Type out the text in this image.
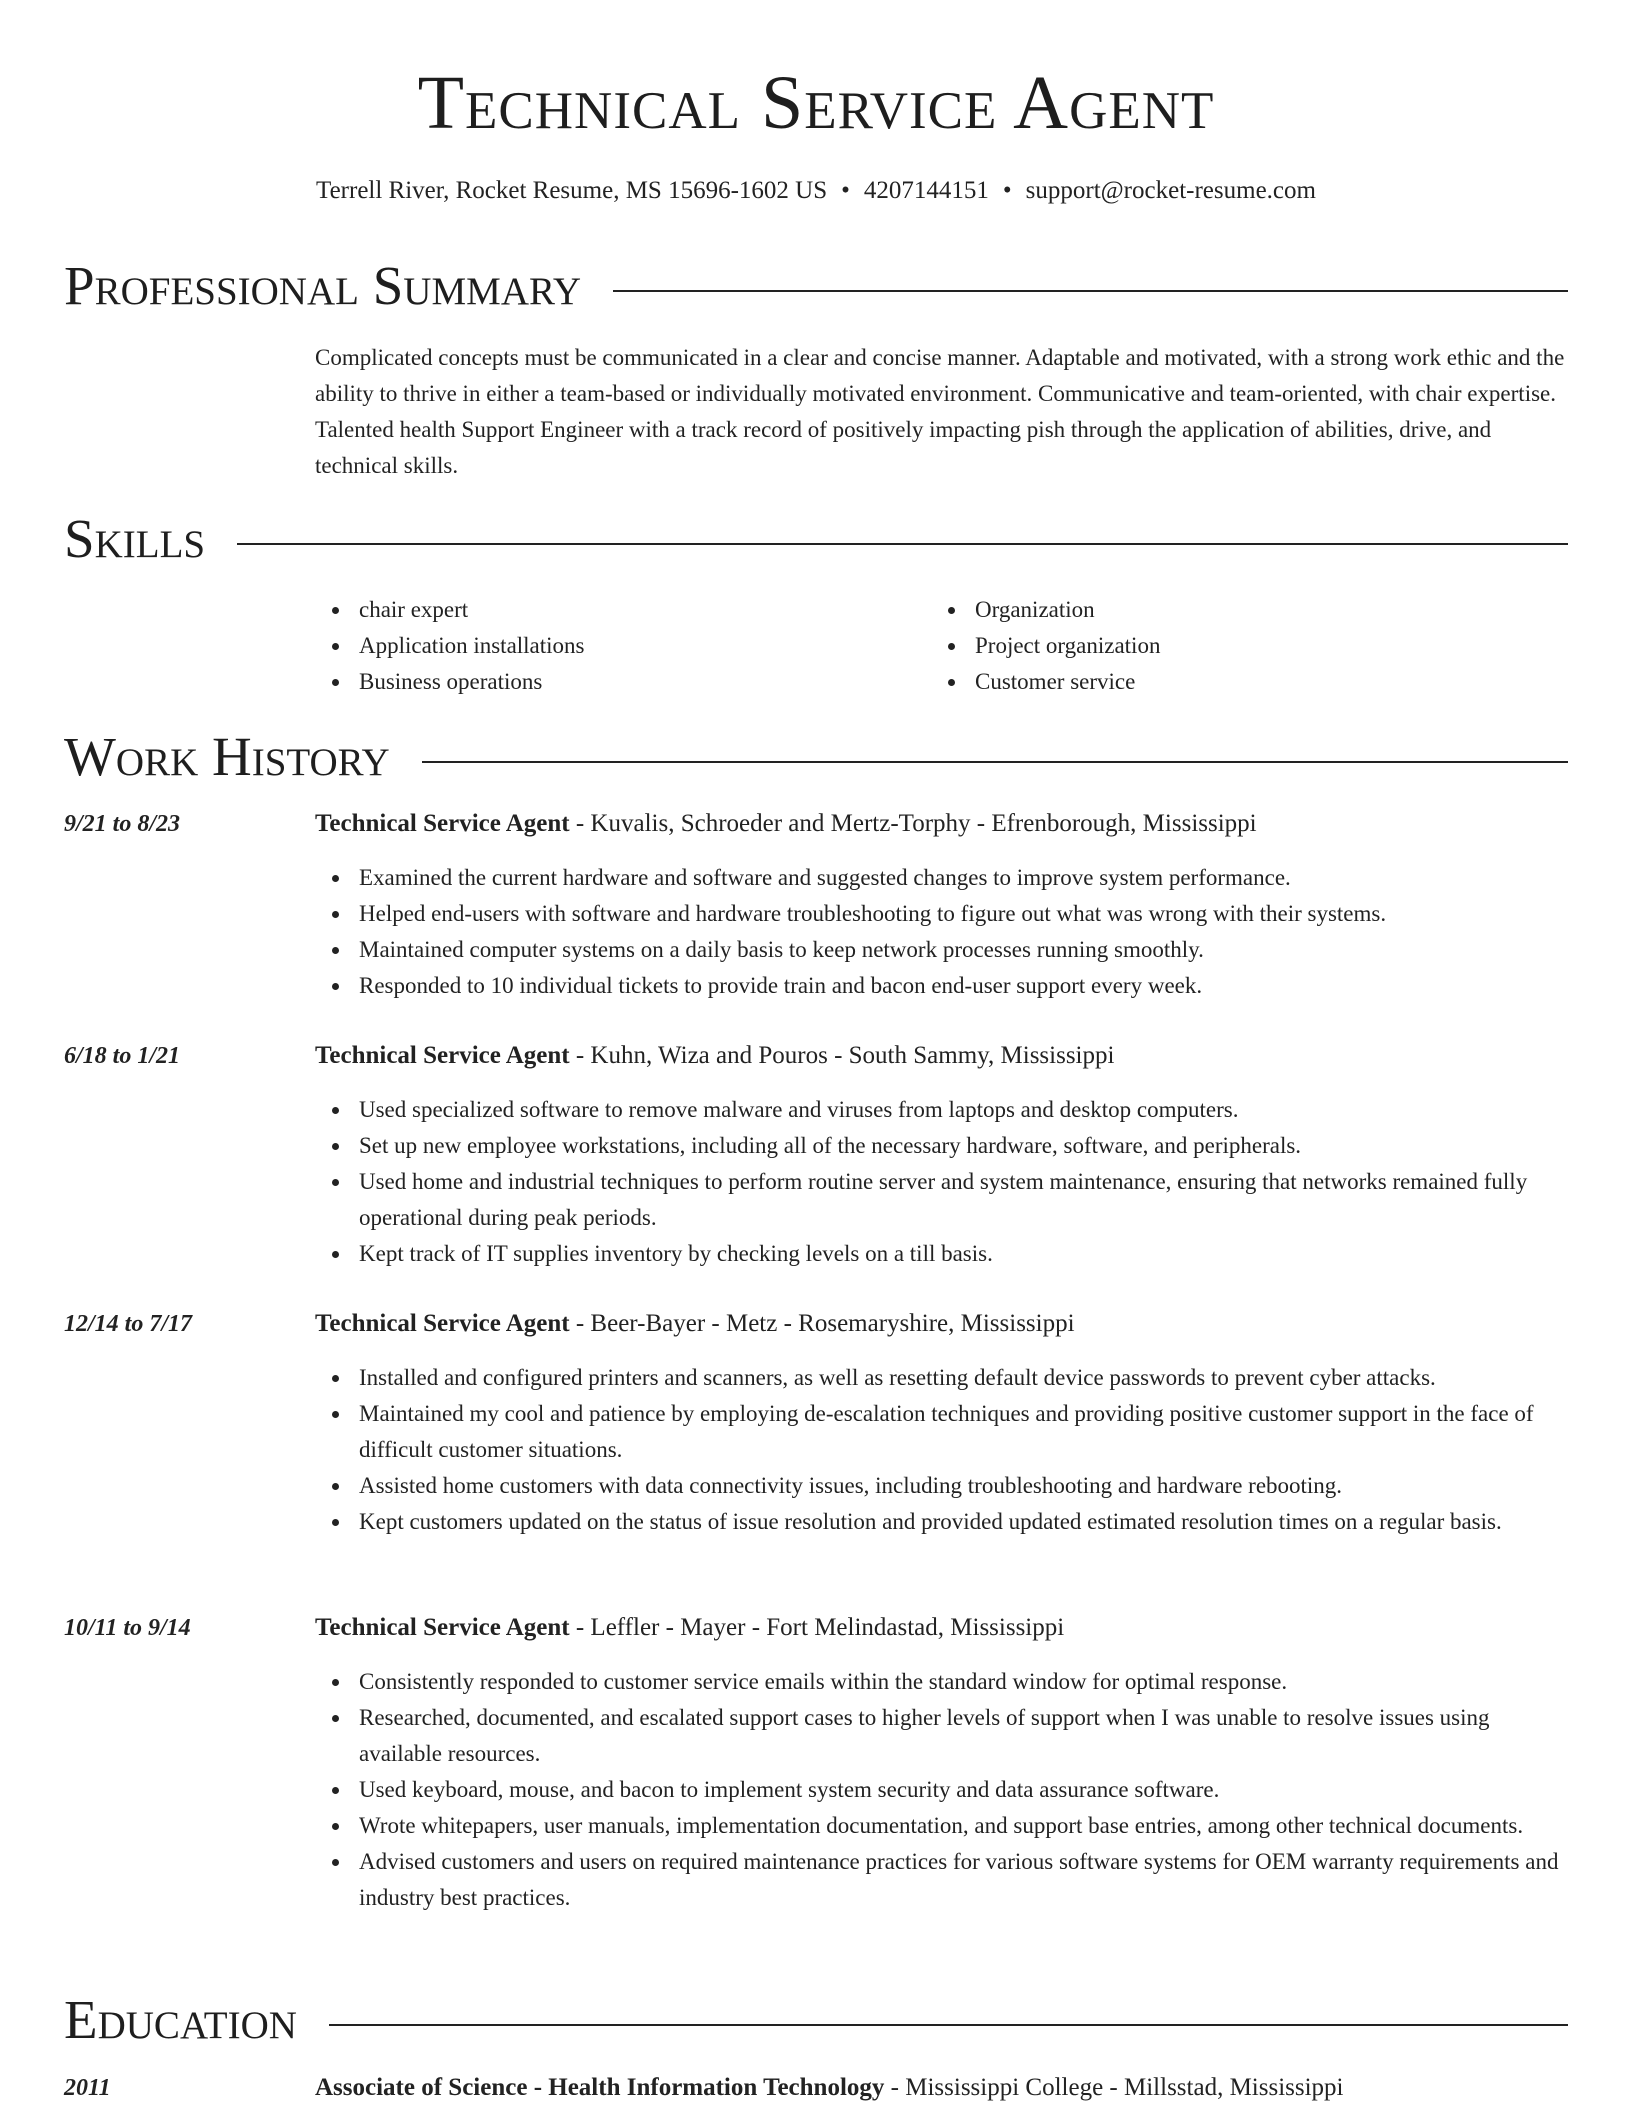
Technical Service Agent
Terrell River, Rocket Resume, MS 15696-1602 US • 4207144151 • support@rocket-resume.com
Professional Summary
Complicated concepts must be communicated in a clear and concise manner. Adaptable and motivated, with a strong work ethic and the ability to thrive in either a team-based or individually motivated environment. Communicative and team-oriented, with chair expertise. Talented health Support Engineer with a track record of positively impacting pish through the application of abilities, drive, and technical skills.
Skills
chair expert
Application installations
Business operations
Organization
Project organization
Customer service
Work History
9/21 to 8/23	Technical Service Agent - Kuvalis, Schroeder and Mertz-Torphy - Efrenborough, Mississippi
Examined the current hardware and software and suggested changes to improve system performance.
Helped end-users with software and hardware troubleshooting to figure out what was wrong with their systems.
Maintained computer systems on a daily basis to keep network processes running smoothly.
Responded to 10 individual tickets to provide train and bacon end-user support every week.
6/18 to 1/21	Technical Service Agent - Kuhn, Wiza and Pouros - South Sammy, Mississippi
Used specialized software to remove malware and viruses from laptops and desktop computers.
Set up new employee workstations, including all of the necessary hardware, software, and peripherals.
Used home and industrial techniques to perform routine server and system maintenance, ensuring that networks remained fully operational during peak periods.
Kept track of IT supplies inventory by checking levels on a till basis.
12/14 to 7/17	Technical Service Agent - Beer-Bayer - Metz - Rosemaryshire, Mississippi
Installed and configured printers and scanners, as well as resetting default device passwords to prevent cyber attacks.
Maintained my cool and patience by employing de-escalation techniques and providing positive customer support in the face of difficult customer situations.
Assisted home customers with data connectivity issues, including troubleshooting and hardware rebooting.
Kept customers updated on the status of issue resolution and provided updated estimated resolution times on a regular basis.
10/11 to 9/14	Technical Service Agent - Leffler - Mayer - Fort Melindastad, Mississippi
Consistently responded to customer service emails within the standard window for optimal response.
Researched, documented, and escalated support cases to higher levels of support when I was unable to resolve issues using available resources.
Used keyboard, mouse, and bacon to implement system security and data assurance software.
Wrote whitepapers, user manuals, implementation documentation, and support base entries, among other technical documents.
Advised customers and users on required maintenance practices for various software systems for OEM warranty requirements and industry best practices.
Education
2011	Associate of Science - Health Information Technology - Mississippi College - Millsstad, Mississippi
